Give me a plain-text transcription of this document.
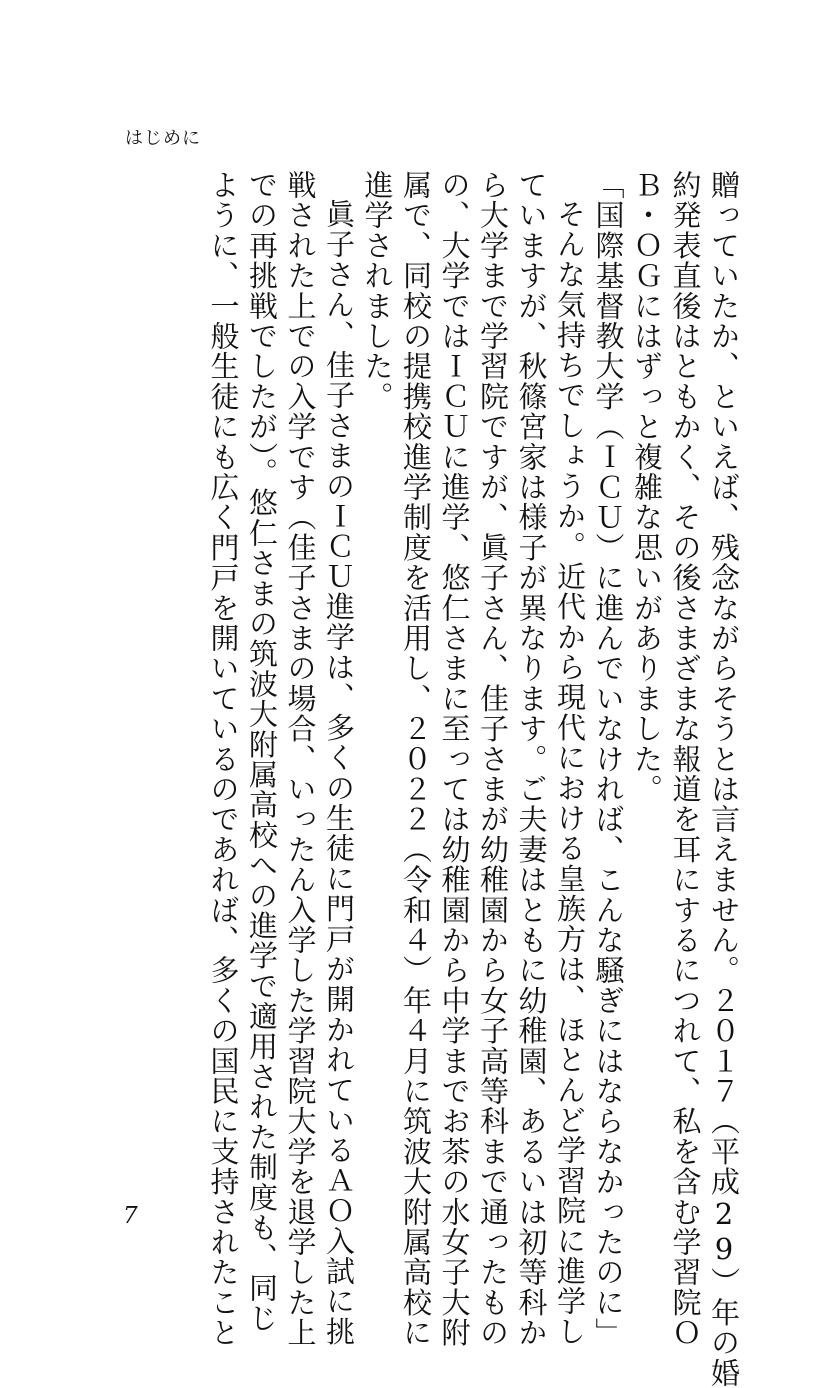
はじめに
贈っていたか、といえば、残念ながらそうとは言えません。２０１７（平成29）年の婚
約発表直後はともかく、その後さまざまな報道を耳にするにつれて、私を含む学習院Ｏ
Ｂ・ＯＧにはずっと複雑な思いがありました。
「国際基督教大学（ＩＣＵ）に進んでいなければ、こんな騒ぎにはならなかったのに」
そんな気持ちでしょうか。近代から現代における皇族方は、ほとんど学習院に進学し
ていますが、秋篠宮家は様子が異なります。ご夫妻はともに幼稚園、あるいは初等科か
ら大学まで学習院ですが、眞子さん、佳子さまが幼稚園から女子高等科まで通ったもの
の、大学ではＩＣＵに進学、悠仁さまに至っては幼稚園から中学までお茶の水女子大附
属で、同校の提携校進学制度を活用し、２０２２（令和４）年４月に筑波大附属高校に
進学されました。
眞子さん、佳子さまのＩＣＵ進学は、多くの生徒に門戸が開かれているＡＯ入試に挑
戦された上での入学です（佳子さまの場合、いったん入学した学習院大学を退学した上
での再挑戦でしたが）。悠仁さまの筑波大附属高校への進学で適用された制度も、同じ
ように、一般生徒にも広く門戸を開いているのであれば、多くの国民に支持されたこと
7
